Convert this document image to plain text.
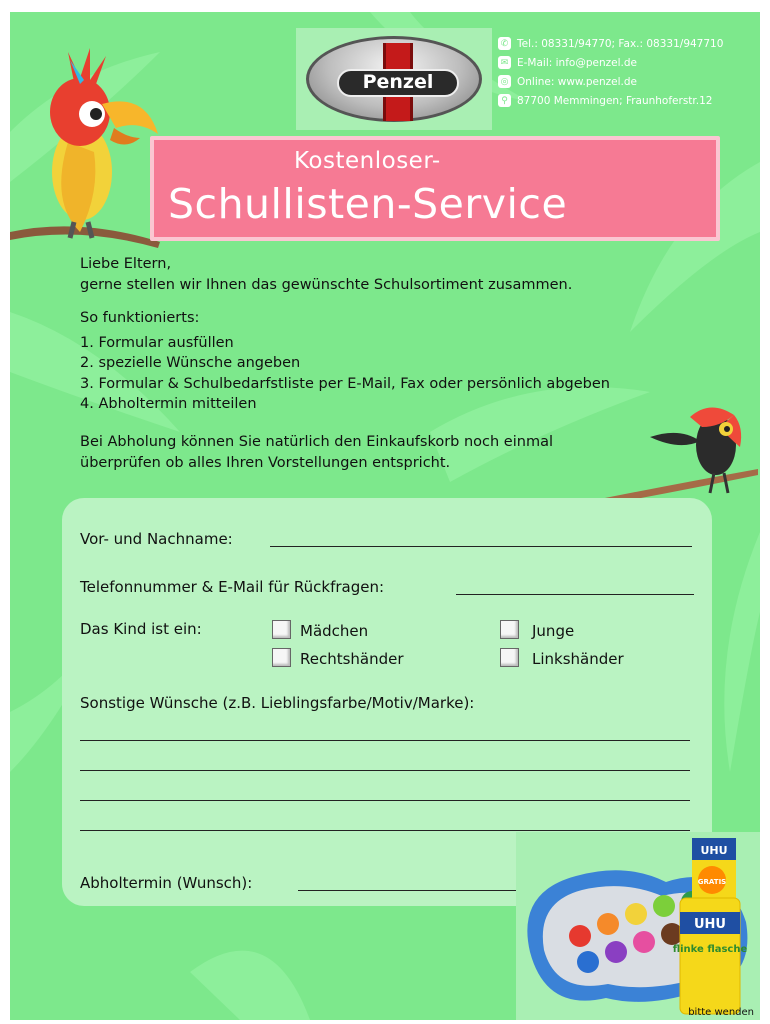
Penzel
✆ Tel.: 08331/94770; Fax.: 08331/947710
✉ E-Mail: info@penzel.de
◎ Online: www.penzel.de
⚲ 87700 Memmingen; Fraunhoferstr.12
Kostenloser-
Schullisten-Service
Liebe Eltern,
gerne stellen wir Ihnen das gewünschte Schulsortiment zusammen.
So funktionierts:
1. Formular ausfüllen
2. spezielle Wünsche angeben
3. Formular & Schulbedarfstliste per E-Mail, Fax oder persönlich abgeben
4. Abholtermin mitteilen
Bei Abholung können Sie natürlich den Einkaufskorb noch einmal
überprüfen ob alles Ihren Vorstellungen entspricht.
Vor- und Nachname:
Telefonnummer & E-Mail für Rückfragen:
Das Kind ist ein:	Mädchen	Junge
Rechtshänder	Linkshänder
Sonstige Wünsche (z.B. Lieblingsfarbe/Motiv/Marke):
Abholtermin (Wunsch):
UHU
UHU
flinke flasche
GRATIS
bitte wenden
